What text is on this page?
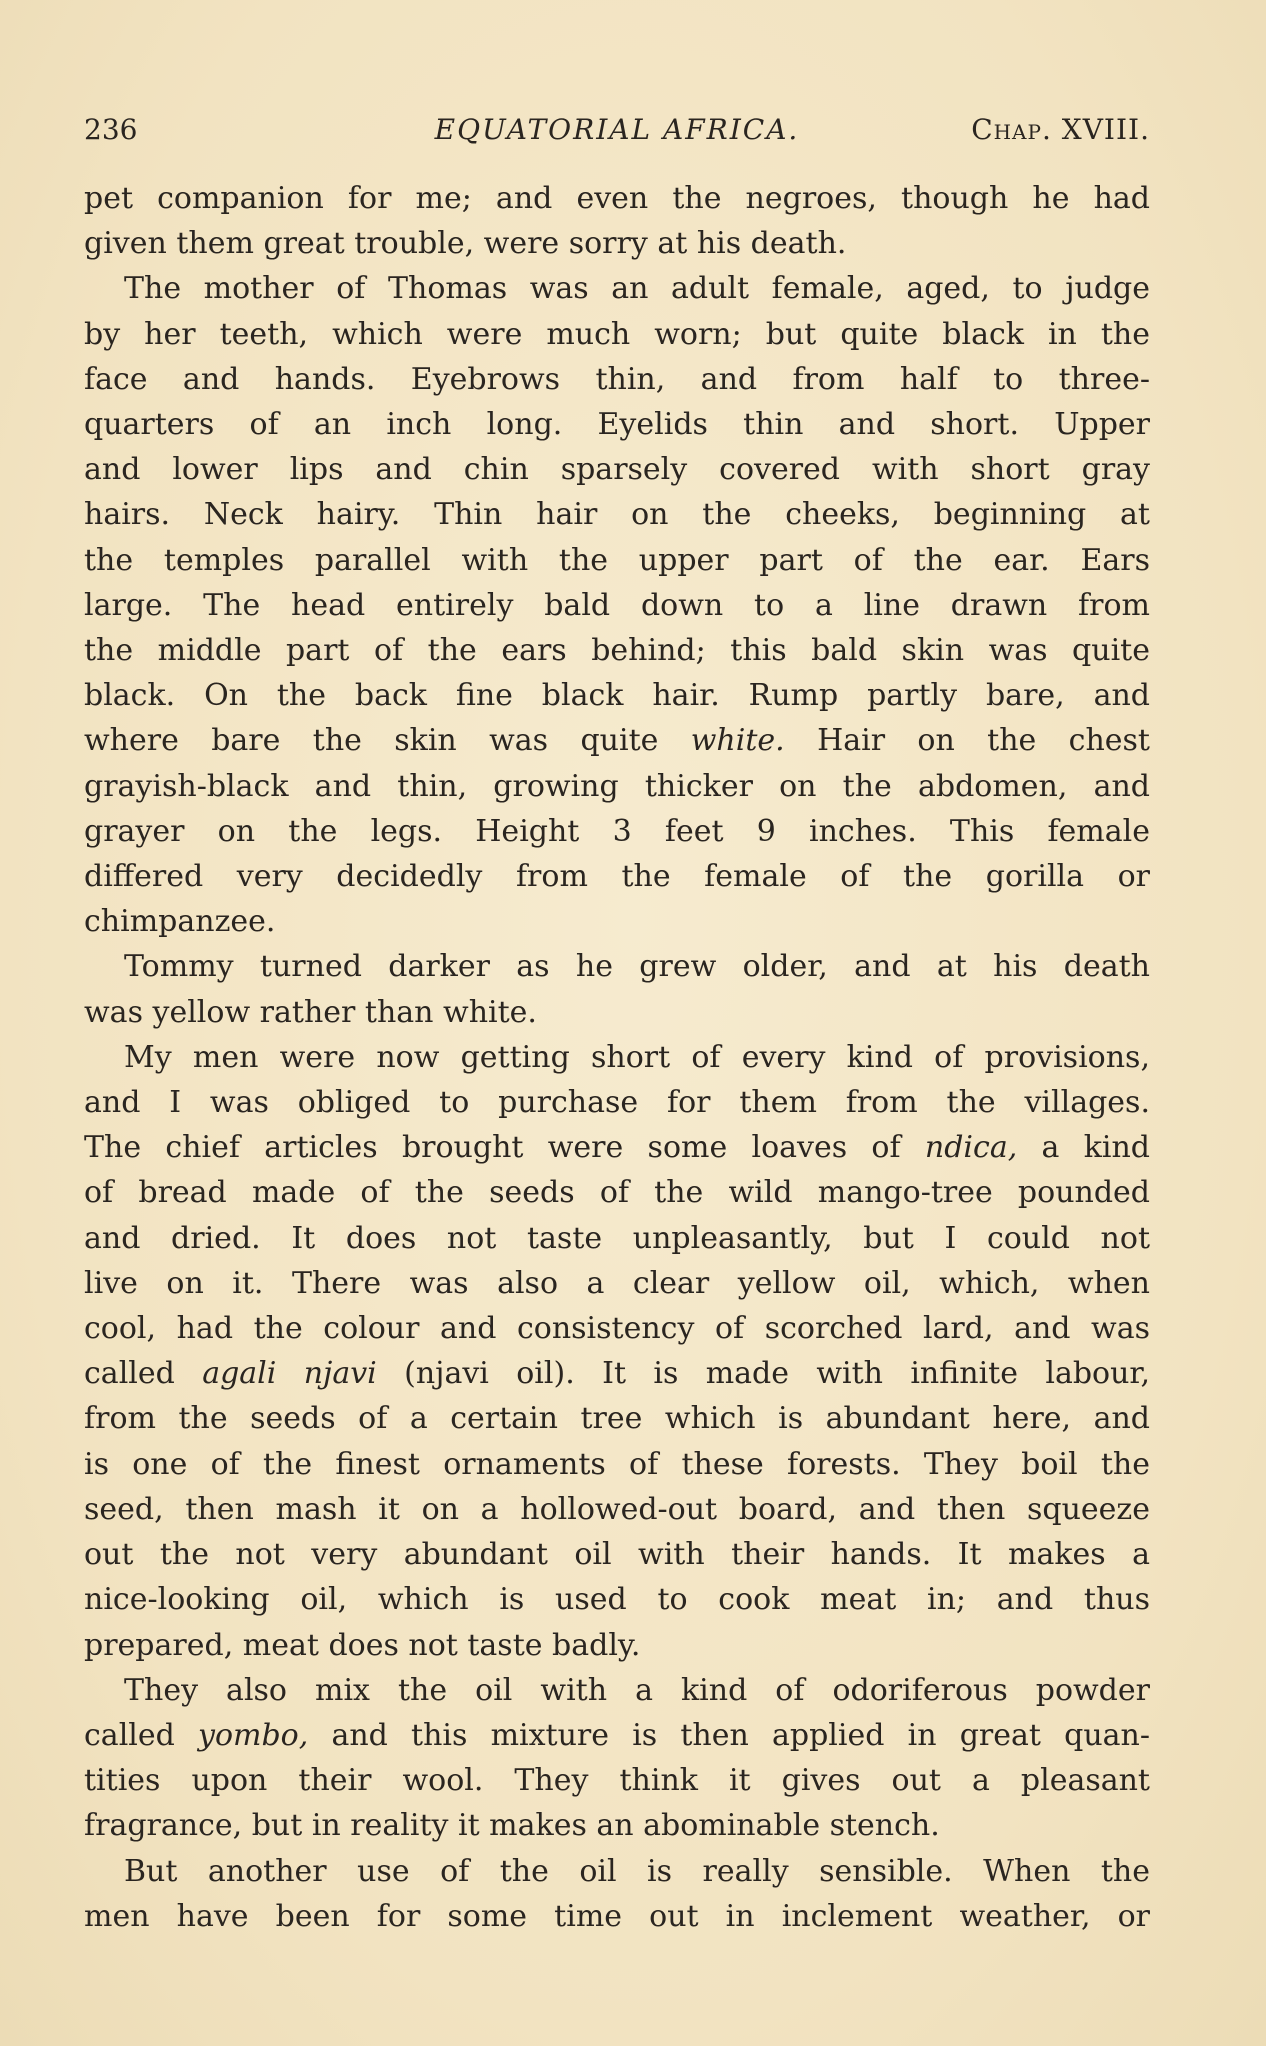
236	EQUATORIAL AFRICA.	Chap. XVIII.

pet companion for me; and even the negroes, though he had
given them great trouble, were sorry at his death.

The mother of Thomas was an adult female, aged, to judge
by her teeth, which were much worn; but quite black in the
face and hands. Eyebrows thin, and from half to three-
quarters of an inch long. Eyelids thin and short. Upper
and lower lips and chin sparsely covered with short gray
hairs. Neck hairy. Thin hair on the cheeks, beginning at
the temples parallel with the upper part of the ear. Ears
large. The head entirely bald down to a line drawn from
the middle part of the ears behind; this bald skin was quite
black. On the back fine black hair. Rump partly bare, and
where bare the skin was quite white. Hair on the chest
grayish-black and thin, growing thicker on the abdomen, and
grayer on the legs. Height 3 feet 9 inches. This female
differed very decidedly from the female of the gorilla or
chimpanzee.

Tommy turned darker as he grew older, and at his death
was yellow rather than white.

My men were now getting short of every kind of provisions,
and I was obliged to purchase for them from the villages.
The chief articles brought were some loaves of ndica, a kind
of bread made of the seeds of the wild mango-tree pounded
and dried. It does not taste unpleasantly, but I could not
live on it. There was also a clear yellow oil, which, when
cool, had the colour and consistency of scorched lard, and was
called agali njavi (njavi oil). It is made with infinite labour,
from the seeds of a certain tree which is abundant here, and
is one of the finest ornaments of these forests. They boil the
seed, then mash it on a hollowed-out board, and then squeeze
out the not very abundant oil with their hands. It makes a
nice-looking oil, which is used to cook meat in; and thus
prepared, meat does not taste badly.

They also mix the oil with a kind of odoriferous powder
called yombo, and this mixture is then applied in great quan-
tities upon their wool. They think it gives out a pleasant
fragrance, but in reality it makes an abominable stench.

But another use of the oil is really sensible. When the
men have been for some time out in inclement weather, or
